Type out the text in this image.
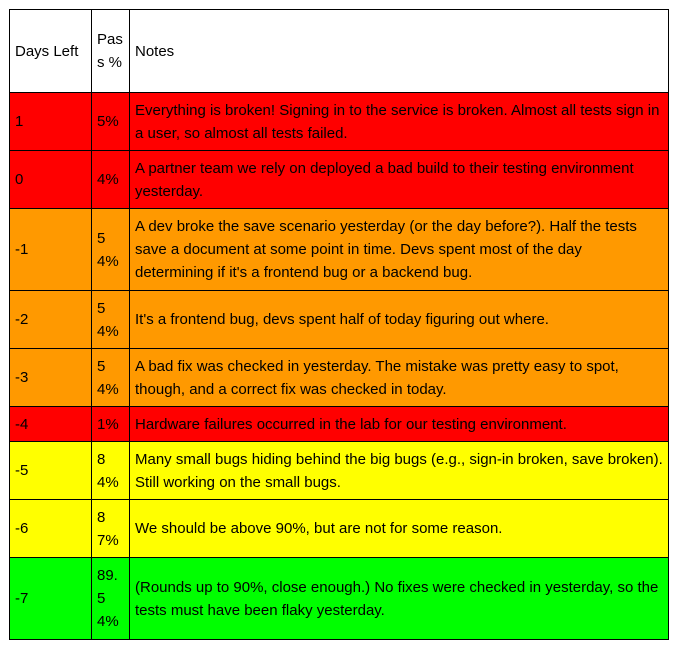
Days Left	Pass %	Notes
1	5%	Everything is broken! Signing in to the service is broken. Almost all tests sign in a user, so almost all tests failed.
0	4%	A partner team we rely on deployed a bad build to their testing environment yesterday.
-1	54%	A dev broke the save scenario yesterday (or the day before?). Half the tests save a document at some point in time. Devs spent most of the day determining if it's a frontend bug or a backend bug.
-2	54%	It's a frontend bug, devs spent half of today figuring out where.
-3	54%	A bad fix was checked in yesterday. The mistake was pretty easy to spot, though, and a correct fix was checked in today.
-4	1%	Hardware failures occurred in the lab for our testing environment.
-5	84%	Many small bugs hiding behind the big bugs (e.g., sign-in broken, save broken). Still working on the small bugs.
-6	87%	We should be above 90%, but are not for some reason.
-7	89.54%	(Rounds up to 90%, close enough.) No fixes were checked in yesterday, so the tests must have been flaky yesterday.
